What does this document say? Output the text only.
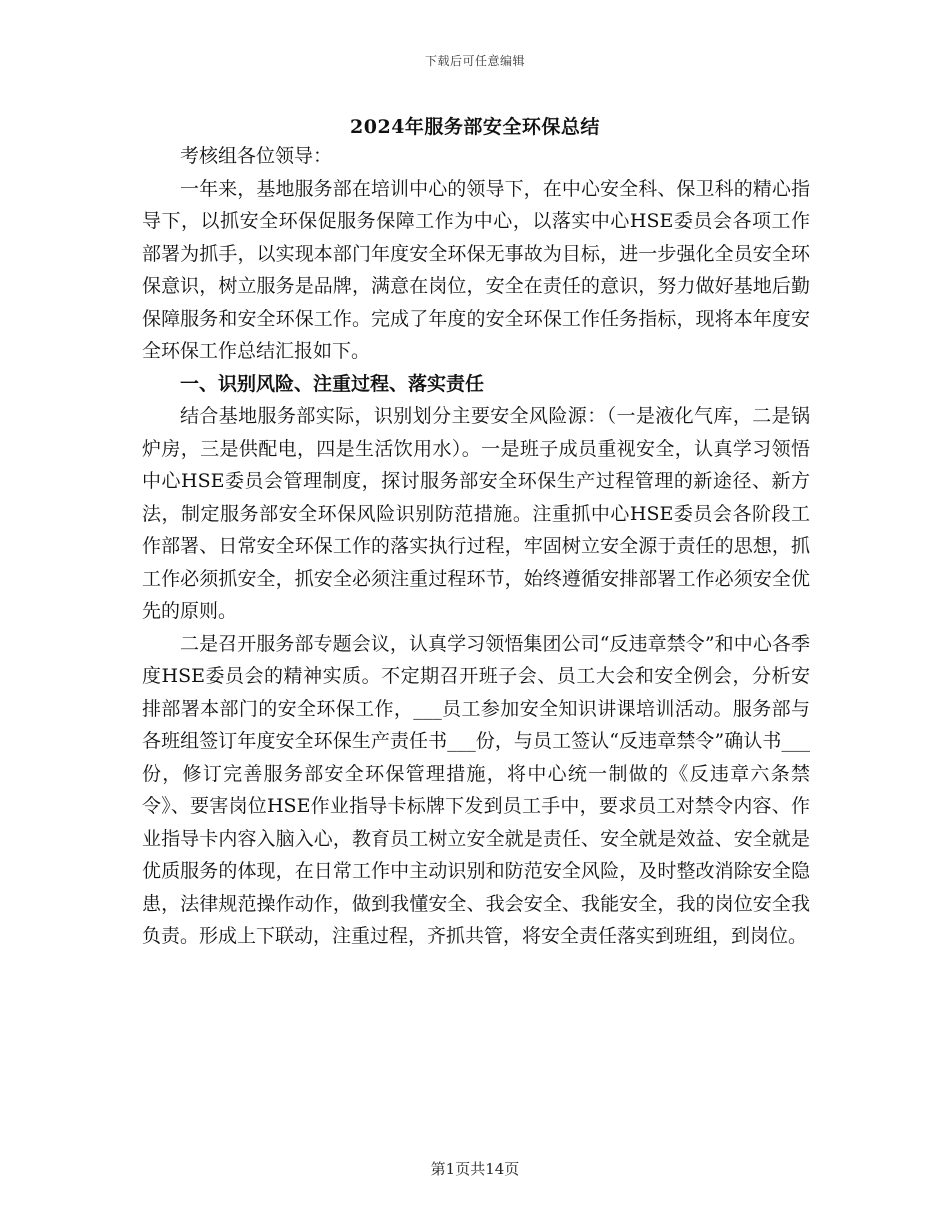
下载后可任意编辑
2024年服务部安全环保总结

考核组各位领导：

一年来，基地服务部在培训中心的领导下，在中心安全科、保卫科的精心指导下，以抓安全环保促服务保障工作为中心，以落实中心HSE委员会各项工作部署为抓手，以实现本部门年度安全环保无事故为目标，进一步强化全员安全环保意识，树立服务是品牌，满意在岗位，安全在责任的意识，努力做好基地后勤保障服务和安全环保工作。完成了年度的安全环保工作任务指标，现将本年度安全环保工作总结汇报如下。

一、识别风险、注重过程、落实责任

结合基地服务部实际，识别划分主要安全风险源：（一是液化气库，二是锅炉房，三是供配电，四是生活饮用水）。一是班子成员重视安全，认真学习领悟中心HSE委员会管理制度，探讨服务部安全环保生产过程管理的新途径、新方法，制定服务部安全环保风险识别防范措施。注重抓中心HSE委员会各阶段工作部署、日常安全环保工作的落实执行过程，牢固树立安全源于责任的思想，抓工作必须抓安全，抓安全必须注重过程环节，始终遵循安排部署工作必须安全优先的原则。

二是召开服务部专题会议，认真学习领悟集团公司“反违章禁令”和中心各季度HSE委员会的精神实质。不定期召开班子会、员工大会和安全例会，分析安排部署本部门的安全环保工作，___员工参加安全知识讲课培训活动。服务部与各班组签订年度安全环保生产责任书___份，与员工签认“反违章禁令”确认书___份，修订完善服务部安全环保管理措施，将中心统一制做的《反违章六条禁令》、要害岗位HSE作业指导卡标牌下发到员工手中，要求员工对禁令内容、作业指导卡内容入脑入心，教育员工树立安全就是责任、安全就是效益、安全就是优质服务的体现，在日常工作中主动识别和防范安全风险，及时整改消除安全隐患，法律规范操作动作，做到我懂安全、我会安全、我能安全，我的岗位安全我负责。形成上下联动，注重过程，齐抓共管，将安全责任落实到班组，到岗位。

第1页共14页
